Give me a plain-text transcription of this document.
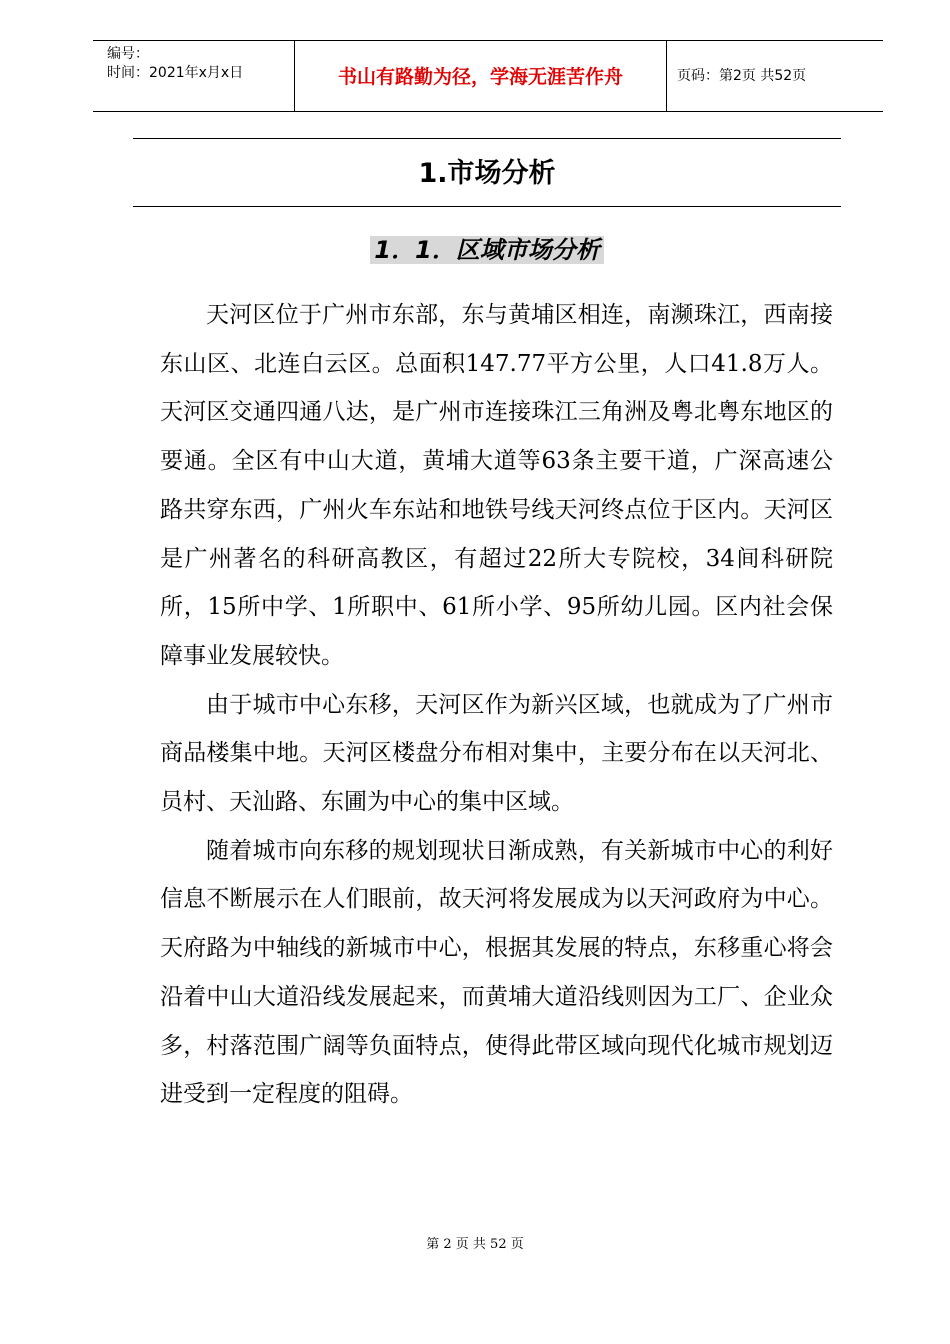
编号：
时间：2021年x月x日	书山有路勤为径，学海无涯苦作舟	页码：第2页 共52页
1.市场分析
1．1．区域市场分析

天河区位于广州市东部，东与黄埔区相连，南濒珠江，西南接东山区、北连白云区。总面积147.77平方公里，人口41.8万人。天河区交通四通八达，是广州市连接珠江三角洲及粤北粤东地区的要通。全区有中山大道，黄埔大道等63条主要干道，广深高速公路共穿东西，广州火车东站和地铁号线天河终点位于区内。天河区是广州著名的科研高教区，有超过22所大专院校，34间科研院所，15所中学、1所职中、61所小学、95所幼儿园。区内社会保障事业发展较快。

由于城市中心东移，天河区作为新兴区域，也就成为了广州市商品楼集中地。天河区楼盘分布相对集中，主要分布在以天河北、员村、天汕路、东圃为中心的集中区域。

随着城市向东移的规划现状日渐成熟，有关新城市中心的利好信息不断展示在人们眼前，故天河将发展成为以天河政府为中心。天府路为中轴线的新城市中心，根据其发展的特点，东移重心将会沿着中山大道沿线发展起来，而黄埔大道沿线则因为工厂、企业众多，村落范围广阔等负面特点，使得此带区域向现代化城市规划迈进受到一定程度的阻碍。

第 2 页 共 52 页
